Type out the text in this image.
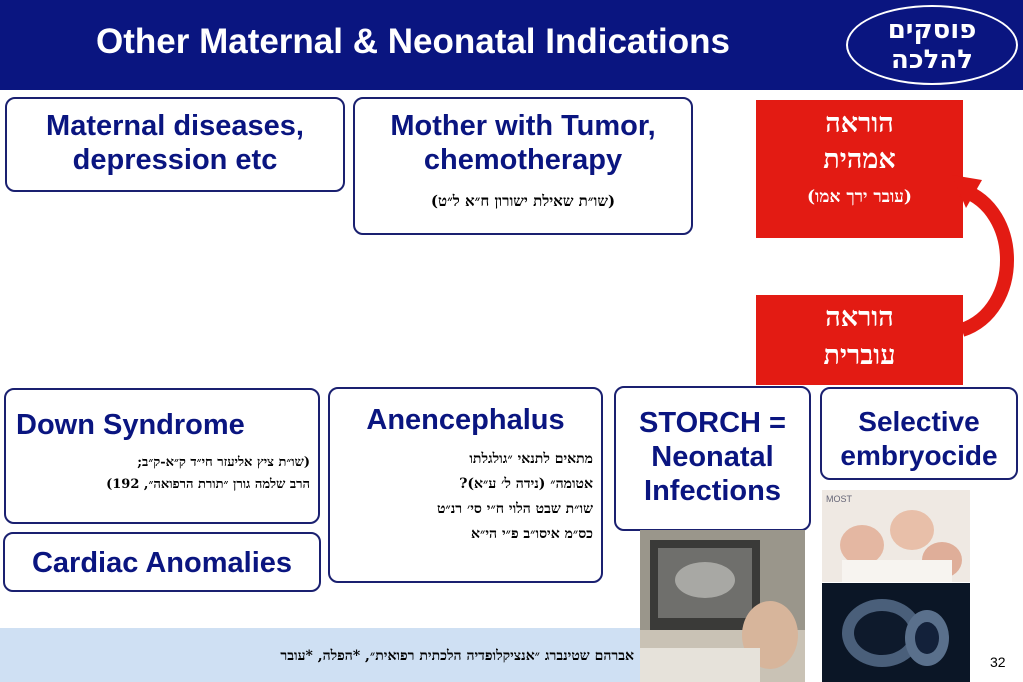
Other Maternal & Neonatal Indications	פוסקים
להלכה
Maternal diseases,
depression etc
Mother with Tumor,
chemotherapy
(שו״ת שאילת ישורון ח״א ל״ט)
הוראה
אמהית
(עובר ירך אמו)
הוראה
עוברית
Down Syndrome
(שו״ת ציץ אליעזר חי״ד ק״א-ק״ב;
הרב שלמה גורן ״תורת הרפואה״, 192)
Cardiac Anomalies
Anencephalus
מתאים לתנאי ״גולגלתו
אטומה״ (נידה ל׳ ע״א)?
שו״ת שבט הלוי ח״י סי׳ רנ״ט
כס״מ איסו״ב פ״י הי״א
STORCH =
Neonatal
Infections
Selective
embryocide
MOST
אברהם שטינברג ״אנציקלופדיה הלכתית רפואית״, *הפלה, *עובר	32
